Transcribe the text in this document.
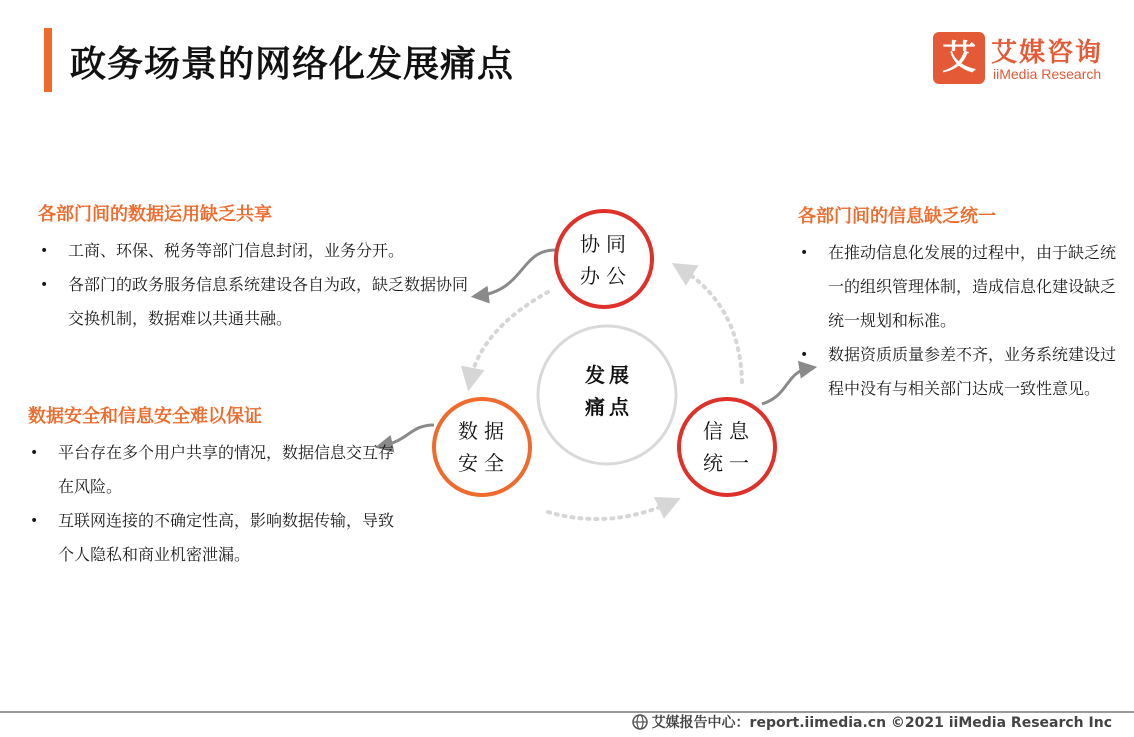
政务场景的网络化发展痛点	艾 艾媒咨询
iiMedia Research
发展
痛点
协同
办公
数据
安全
信息
统一
各部门间的数据运用缺乏共享
• 工商、环保、税务等部门信息封闭，业务分开。
• 各部门的政务服务信息系统建设各自为政，缺乏数据协同交换机制，数据难以共通共融。
数据安全和信息安全难以保证
• 平台存在多个用户共享的情况，数据信息交互存在风险。
• 互联网连接的不确定性高，影响数据传输，导致个人隐私和商业机密泄漏。
各部门间的信息缺乏统一
• 在推动信息化发展的过程中，由于缺乏统一的组织管理体制，造成信息化建设缺乏统一规划和标准。
• 数据资质质量参差不齐，业务系统建设过程中没有与相关部门达成一致性意见。
艾媒报告中心：report.iimedia.cn ©2021 iiMedia Research Inc
